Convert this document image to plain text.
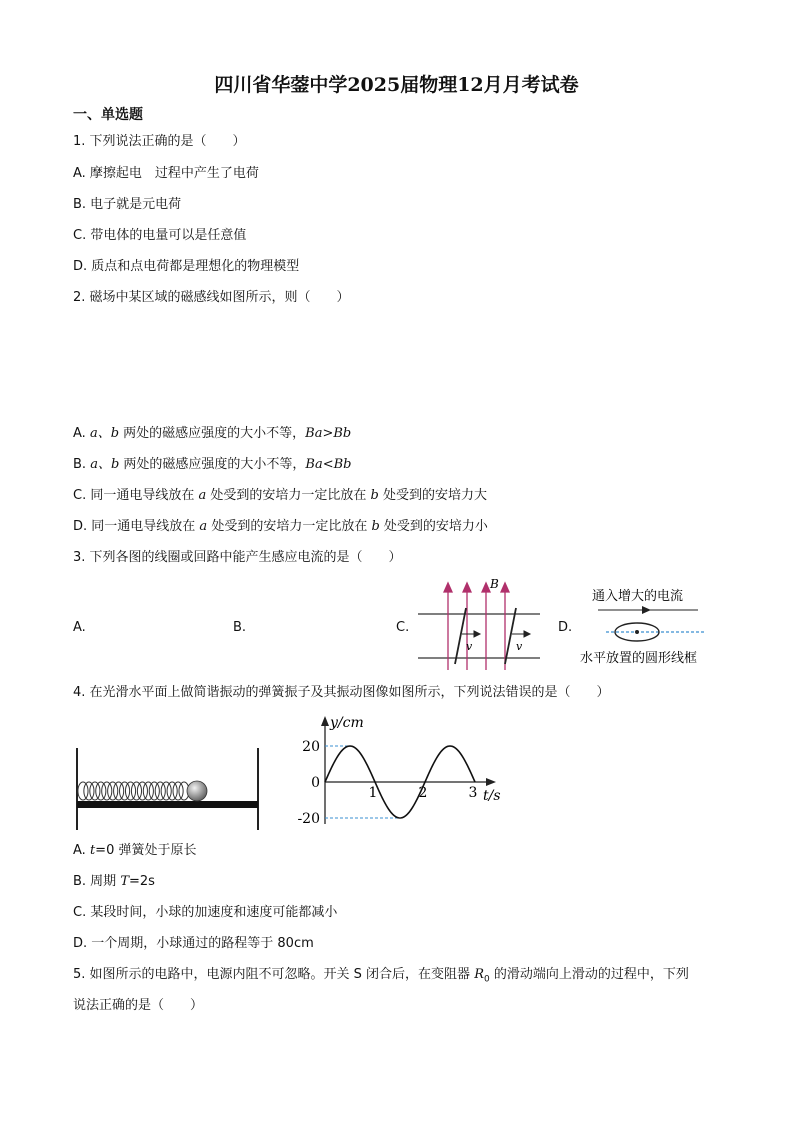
四川省华蓥中学2025届物理12月月考试卷
一、单选题
1. 下列说法正确的是（　　）
A. 摩擦起电　过程中产生了电荷
B. 电子就是元电荷
C. 带电体的电量可以是任意值
D. 质点和点电荷都是理想化的物理模型
2. 磁场中某区域的磁感线如图所示，则（　　）
A. a、b 两处的磁感应强度的大小不等，Ba>Bb
B. a、b 两处的磁感应强度的大小不等，Ba<Bb
C. 同一通电导线放在 a 处受到的安培力一定比放在 b 处受到的安培力大
D. 同一通电导线放在 a 处受到的安培力一定比放在 b 处受到的安培力小
3. 下列各图的线圈或回路中能产生感应电流的是（　　）
A.	B.	C.	D.
B
v	v
通入增大的电流
水平放置的圆形线框
4. 在光滑水平面上做简谐振动的弹簧振子及其振动图像如图所示，下列说法错误的是（　　）
20
0
-20
1	2	3
y/cm
t/s
A. t=0 弹簧处于原长
B. 周期 T=2s
C. 某段时间，小球的加速度和速度可能都减小
D. 一个周期，小球通过的路程等于 80cm
5. 如图所示的电路中，电源内阻不可忽略。开关 S 闭合后，在变阻器 $R_0$ 的滑动端向上滑动的过程中，下列
说法正确的是（　　）
